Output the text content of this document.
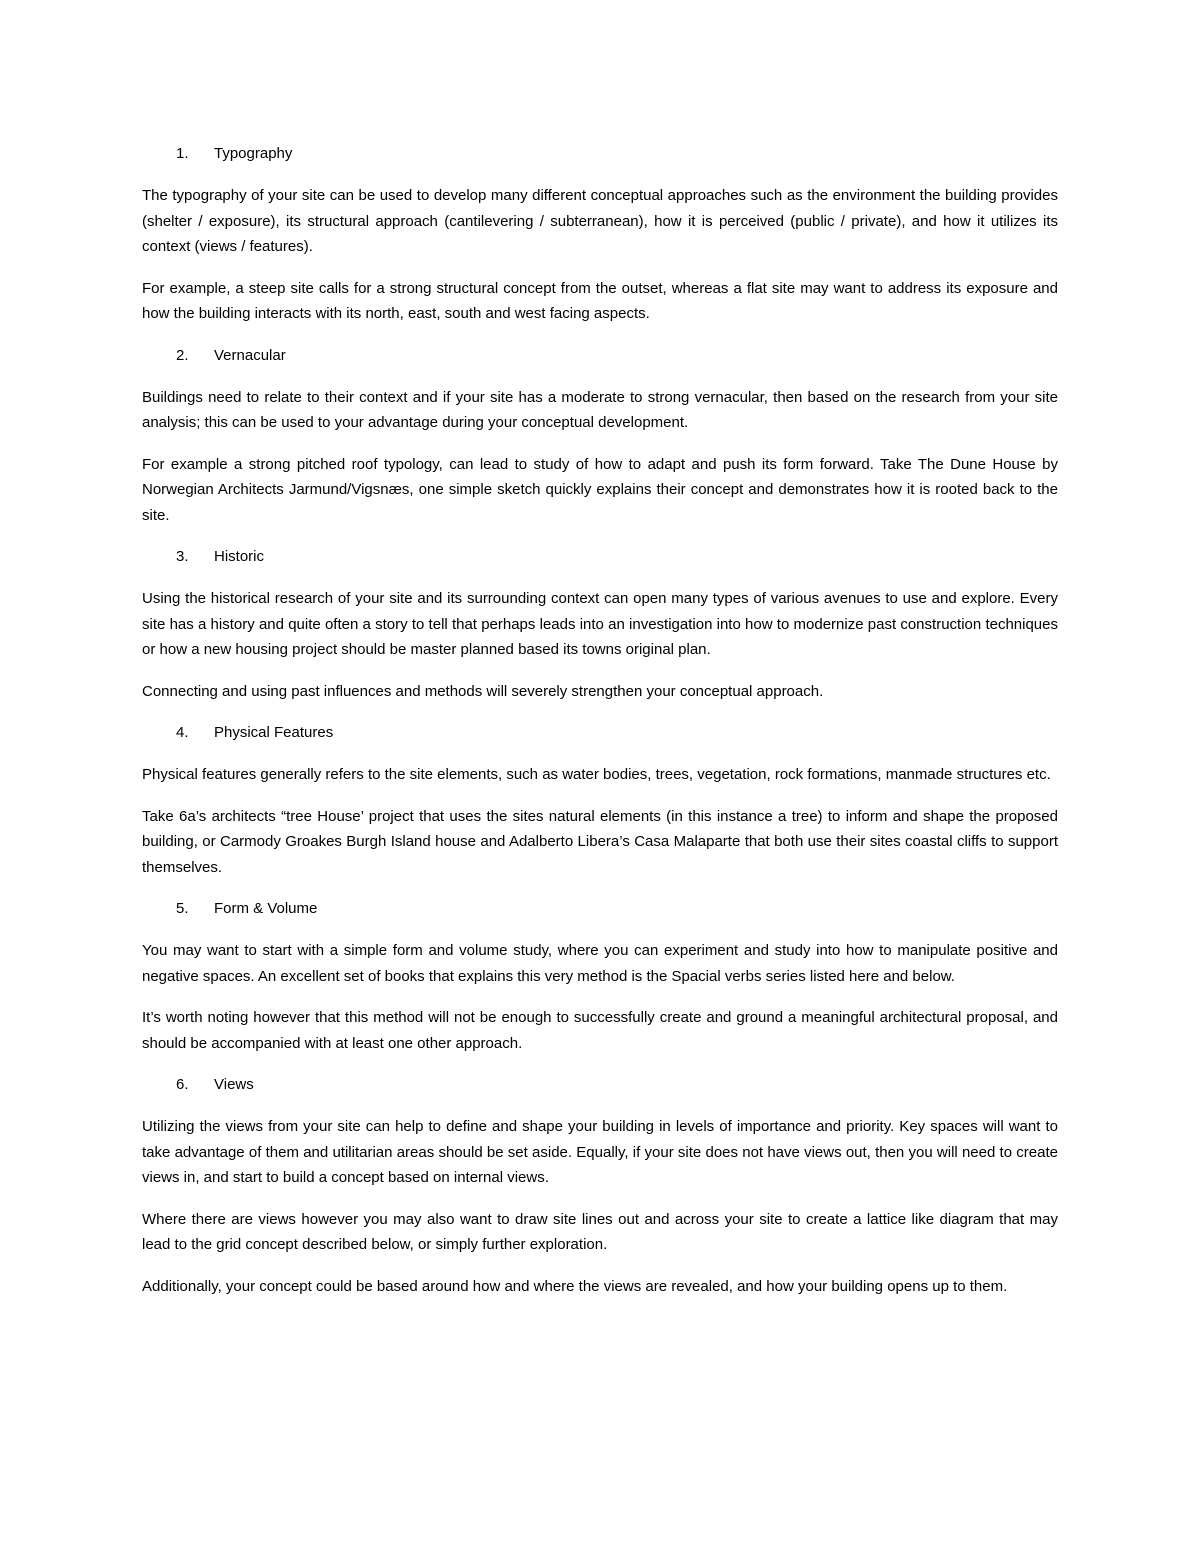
1. Typography

The typography of your site can be used to develop many different conceptual approaches such as the environment the building provides (shelter / exposure), its structural approach (cantilevering / subterranean), how it is perceived (public / private), and how it utilizes its context (views / features).

For example, a steep site calls for a strong structural concept from the outset, whereas a flat site may want to address its exposure and how the building interacts with its north, east, south and west facing aspects.

2. Vernacular

Buildings need to relate to their context and if your site has a moderate to strong vernacular, then based on the research from your site analysis; this can be used to your advantage during your conceptual development.

For example a strong pitched roof typology, can lead to study of how to adapt and push its form forward. Take The Dune House by Norwegian Architects Jarmund/Vigsnæs, one simple sketch quickly explains their concept and demonstrates how it is rooted back to the site.

3. Historic

Using the historical research of your site and its surrounding context can open many types of various avenues to use and explore. Every site has a history and quite often a story to tell that perhaps leads into an investigation into how to modernize past construction techniques or how a new housing project should be master planned based its towns original plan.

Connecting and using past influences and methods will severely strengthen your conceptual approach.

4. Physical Features

Physical features generally refers to the site elements, such as water bodies, trees, vegetation, rock formations, manmade structures etc.

Take 6a’s architects “tree House’ project that uses the sites natural elements (in this instance a tree) to inform and shape the proposed building, or Carmody Groakes Burgh Island house and Adalberto Libera’s Casa Malaparte that both use their sites coastal cliffs to support themselves.

5. Form & Volume

You may want to start with a simple form and volume study, where you can experiment and study into how to manipulate positive and negative spaces. An excellent set of books that explains this very method is the Spacial verbs series listed here and below.

It’s worth noting however that this method will not be enough to successfully create and ground a meaningful architectural proposal, and should be accompanied with at least one other approach.

6. Views

Utilizing the views from your site can help to define and shape your building in levels of importance and priority. Key spaces will want to take advantage of them and utilitarian areas should be set aside. Equally, if your site does not have views out, then you will need to create views in, and start to build a concept based on internal views.

Where there are views however you may also want to draw site lines out and across your site to create a lattice like diagram that may lead to the grid concept described below, or simply further exploration.

Additionally, your concept could be based around how and where the views are revealed, and how your building opens up to them.
